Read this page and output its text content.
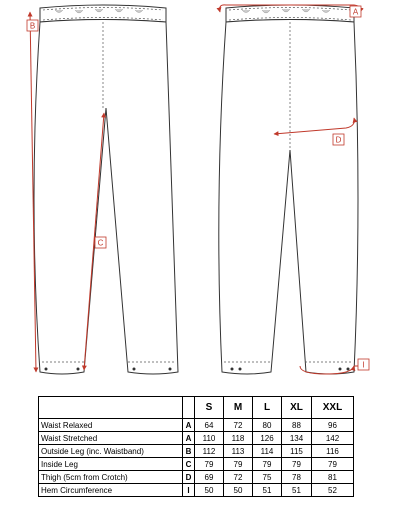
A
B
C
D
I
		S	M	L	XL	XXL
Waist Relaxed	A	64	72	80	88	96
Waist Stretched	A	110	118	126	134	142
Outside Leg (inc. Waistband)	B	112	113	114	115	116
Inside Leg	C	79	79	79	79	79
Thigh (5cm from Crotch)	D	69	72	75	78	81
Hem Circumference	I	50	50	51	51	52
